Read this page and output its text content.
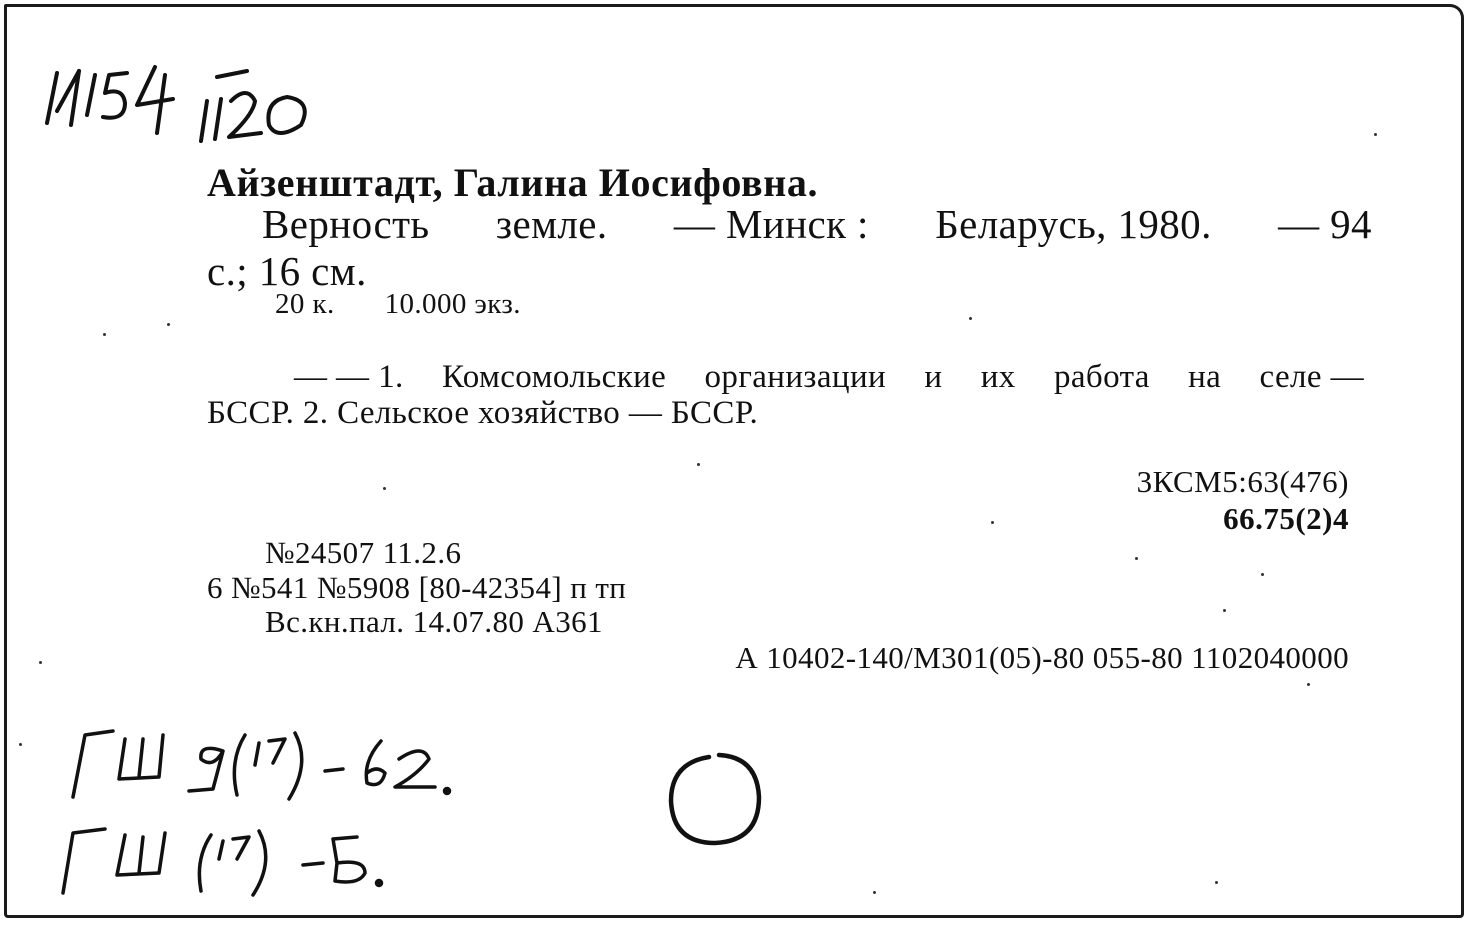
Н154 1120
Айзенштадт, Галина Иосифовна.
Верность земле. — Минск : Беларусь, 1980. — 94
с.; 16 см.
20 к. 10.000 экз.
— — 1. Комсомольские организации и их работа на селе —
БССР. 2. Сельское хозяйство — БССР.
3КСМ5:63(476)
66.75(2)4
№24507 11.2.6
6 №541 №5908 [80-42354] п тп
Вс.кн.пал. 14.07.80 А361
А 10402-140/М301(05)-80 055-80 1102040000
ГШ 9(17)-62.
ГШ (17)-Б.
